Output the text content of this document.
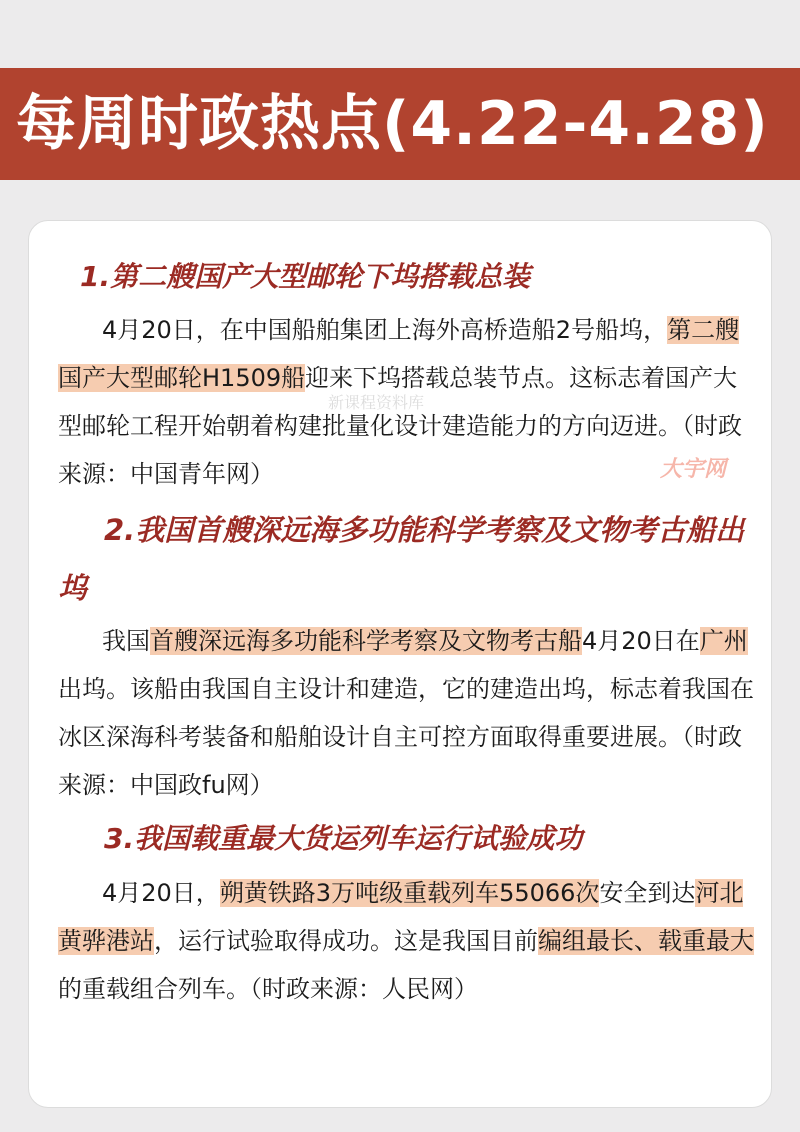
每周时政热点(4.22-4.28)
1.第二艘国产大型邮轮下坞搭载总装
4月20日，在中国船舶集团上海外高桥造船2号船坞，第二艘国产大型邮轮H1509船迎来下坞搭载总装节点。这标志着国产大型邮轮工程开始朝着构建批量化设计建造能力的方向迈进。（时政来源：中国青年网）
2.我国首艘深远海多功能科学考察及文物考古船出坞
我国首艘深远海多功能科学考察及文物考古船4月20日在广州出坞。该船由我国自主设计和建造，它的建造出坞，标志着我国在冰区深海科考装备和船舶设计自主可控方面取得重要进展。（时政来源：中国政fu网）
3.我国载重最大货运列车运行试验成功
4月20日，朔黄铁路3万吨级重载列车55066次安全到达河北黄骅港站，运行试验取得成功。这是我国目前编组最长、载重最大的重载组合列车。（时政来源：人民网）
新课程资料库
大宇网
